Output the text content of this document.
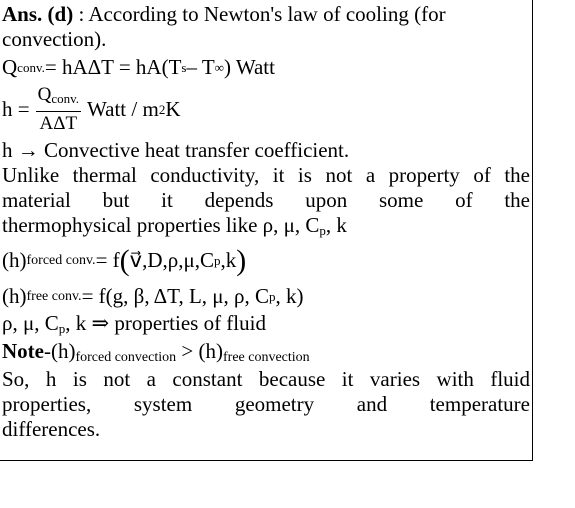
Ans. (d) : According to Newton's law of cooling (for
convection).
Q conv. = hAΔT = hA(T s – T ∞ ) Watt
$h = \frac{Q_{conv.}}{\text{AΔT}}$ Watt / m 2 K
h → Convective heat transfer coefficient.
Unlike thermal conductivity, it is not a property of the
material but it depends upon some of the
thermophysical properties like ρ, μ, $C_p$, k
(h) forced conv. = f ( v⃗,D,ρ,μ,C p ,k )
(h) free conv. = f(g, β, ΔT, L, μ, ρ, C p , k)
ρ, μ, $C_p$, k ⇒ properties of fluid
Note-(h)forced convection > (h)free convection
So, h is not a constant because it varies with fluid
properties, system geometry and temperature
differences.
